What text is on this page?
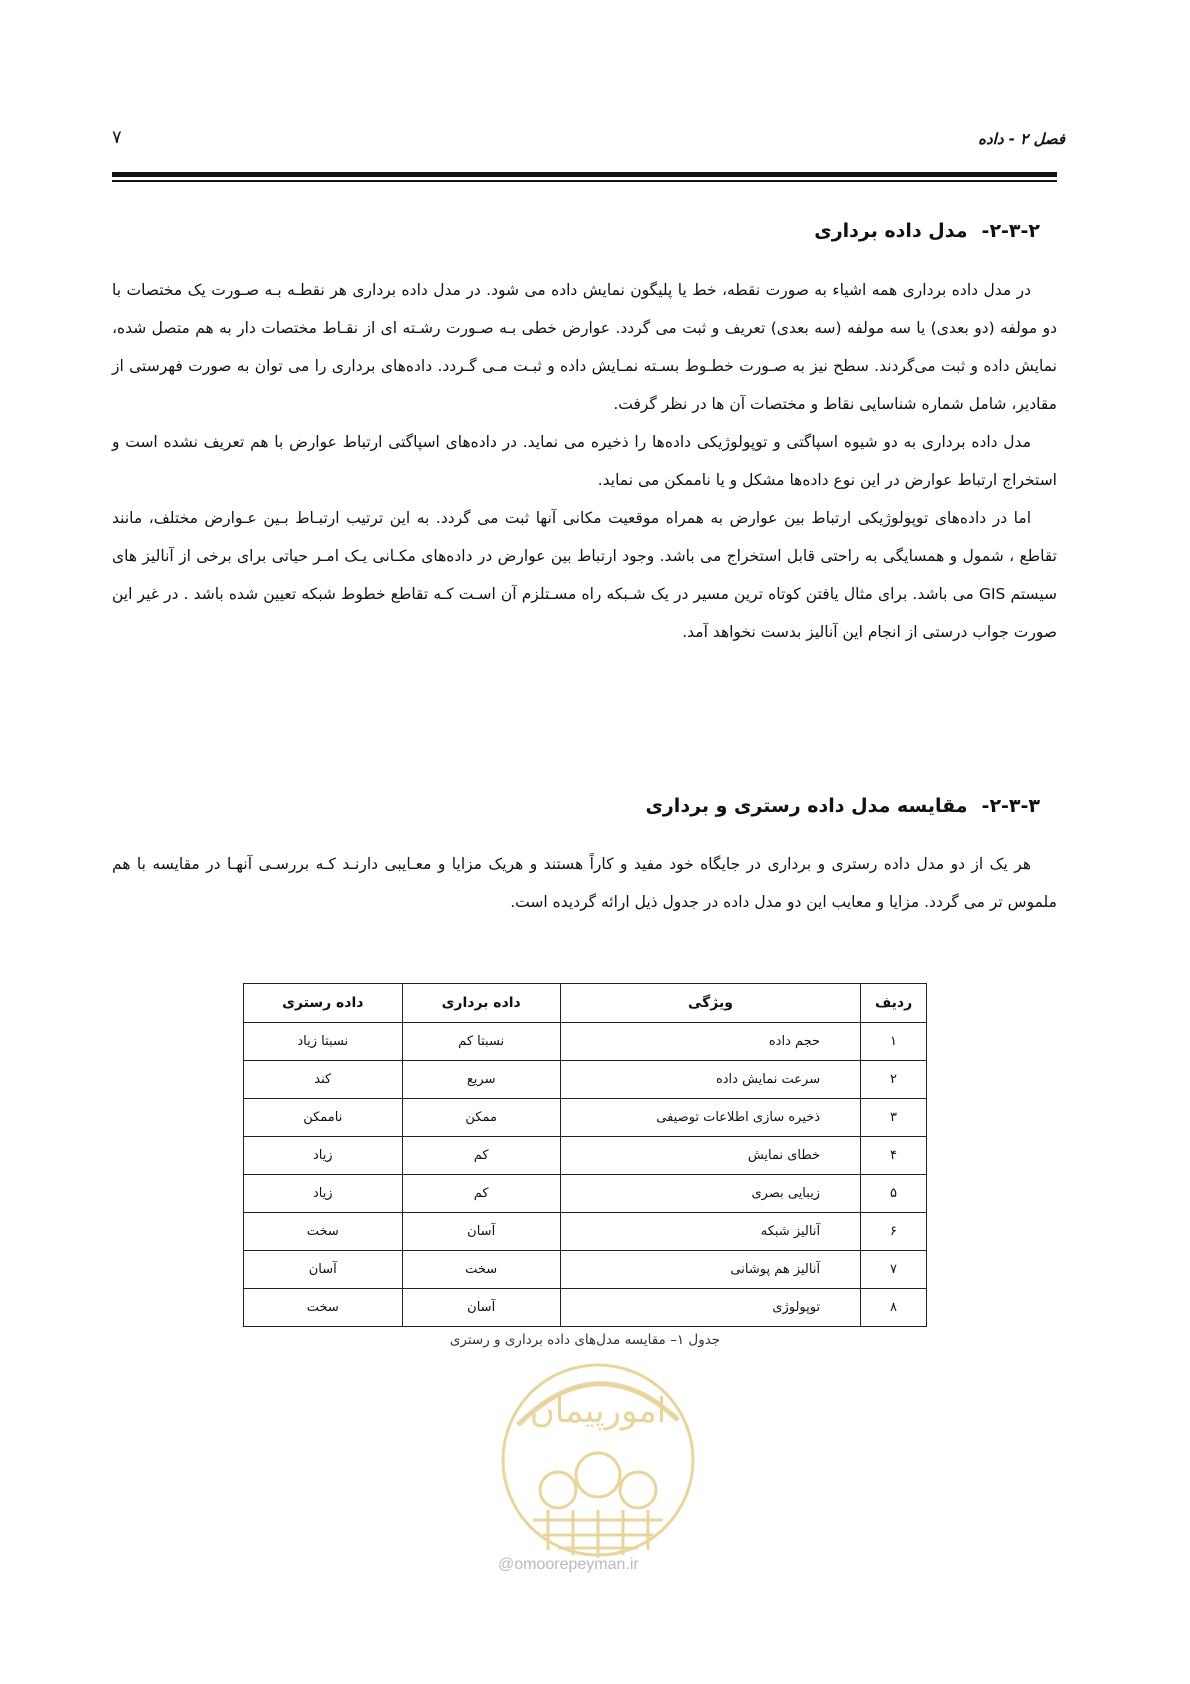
۷	فصل ۲ - داده
۲-۳-۲-مدل داده برداری

در مدل داده برداری همه اشیاء به صورت نقطه، خط یا پلیگون نمایش داده می شود. در مدل داده برداری هر نقطـه بـه صـورت یک مختصات با دو مولفه (دو بعدی) یا سه مولفه (سه بعدی) تعریف و ثبت می گردد. عوارض خطی بـه صـورت رشـته ای از نقـاط مختصات دار به هم متصل شده، نمایش داده و ثبت می‌گردند. سطح نیز به صـورت خطـوط بسـته نمـایش داده و ثبـت مـی گـردد. داده‌های برداری را می توان به صورت فهرستی از مقادیر، شامل شماره شناسایی نقاط و مختصات آن ها در نظر گرفت.

مدل داده برداری به دو شیوه اسپاگتی و توپولوژیکی داده‌ها را ذخیره می نماید. در داده‌های اسپاگتی ارتباط عوارض با هم تعریف نشده است و استخراج ارتباط عوارض در این نوع داده‌ها مشکل و یا ناممکن می نماید.

اما در داده‌های توپولوژیکی ارتباط بین عوارض به همراه موقعیت مکانی آنها ثبت می گردد. به این ترتیب ارتبـاط بـین عـوارض مختلف، مانند تقاطع ، شمول و همسایگی به راحتی قابل استخراج می باشد. وجود ارتباط بین عوارض در داده‌های مکـانی یـک امـر حیاتی برای برخی از آنالیز های سیستم GIS می باشد. برای مثال یافتن کوتاه ترین مسیر در یک شـبکه راه مسـتلزم آن اسـت کـه تقاطع خطوط شبکه تعیین شده باشد . در غیر این صورت جواب درستی از انجام این آنالیز بدست نخواهد آمد.

۲-۳-۳-مقایسه مدل داده رستری و برداری

هر یک از دو مدل داده رستری و برداری در جایگاه خود مفید و کاراً هستند و هریک مزایا و معـایبی دارنـد کـه بررسـی آنهـا در مقایسه با هم ملموس تر می گردد. مزایا و معایب این دو مدل داده در جدول ذیل ارائه گردیده است.

ردیف	ویژگی	داده برداری	داده رستری
۱	حجم داده	نسبتا کم	نسبتا زیاد
۲	سرعت نمایش داده	سریع	کند
۳	ذخیره سازی اطلاعات توصیفی	ممکن	ناممکن
۴	خطای نمایش	کم	زیاد
۵	زیبایی بصری	کم	زیاد
۶	آنالیز شبکه	آسان	سخت
۷	آنالیز هم پوشانی	سخت	آسان
۸	توپولوژی	آسان	سخت
جدول ۱– مقایسه مدل‌های داده برداری و رستری
امورپیمان
@omoorepeyman.ir
